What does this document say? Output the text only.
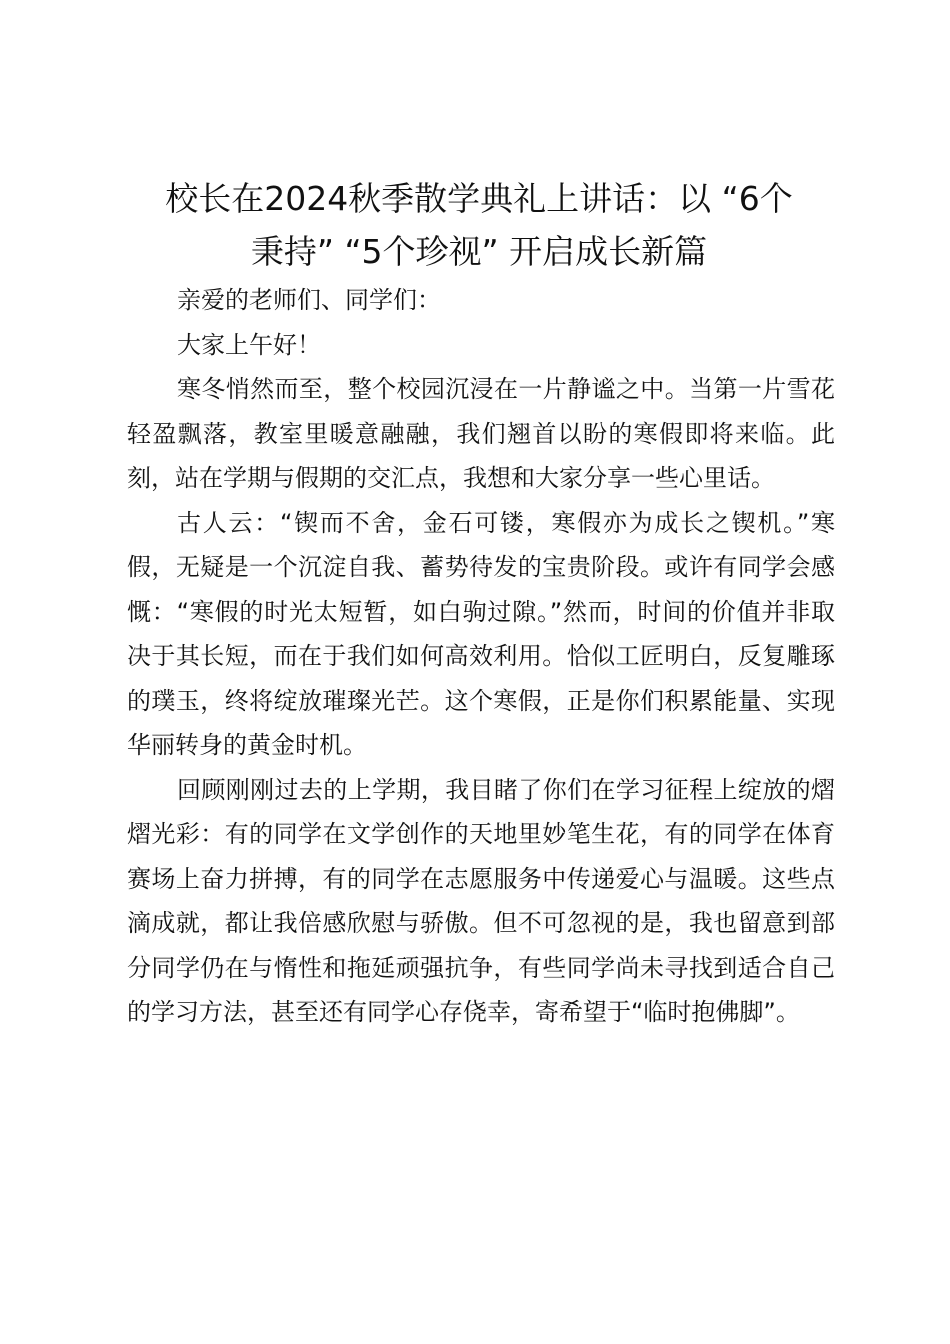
校长在2024秋季散学典礼上讲话：以 “6个
秉持” “5个珍视” 开启成长新篇

亲爱的老师们、同学们：

大家上午好！

寒冬悄然而至，整个校园沉浸在一片静谧之中。当第一片雪花轻盈飘落，教室里暖意融融，我们翘首以盼的寒假即将来临。此刻，站在学期与假期的交汇点，我想和大家分享一些心里话。

古人云：“锲而不舍，金石可镂，寒假亦为成长之锲机。”寒假，无疑是一个沉淀自我、蓄势待发的宝贵阶段。或许有同学会感慨：“寒假的时光太短暂，如白驹过隙。”然而，时间的价值并非取决于其长短，而在于我们如何高效利用。恰似工匠明白，反复雕琢的璞玉，终将绽放璀璨光芒。这个寒假，正是你们积累能量、实现华丽转身的黄金时机。

回顾刚刚过去的上学期，我目睹了你们在学习征程上绽放的熠熠光彩：有的同学在文学创作的天地里妙笔生花，有的同学在体育赛场上奋力拼搏，有的同学在志愿服务中传递爱心与温暖。这些点滴成就，都让我倍感欣慰与骄傲。但不可忽视的是，我也留意到部分同学仍在与惰性和拖延顽强抗争，有些同学尚未寻找到适合自己的学习方法，甚至还有同学心存侥幸，寄希望于“临时抱佛脚”。
